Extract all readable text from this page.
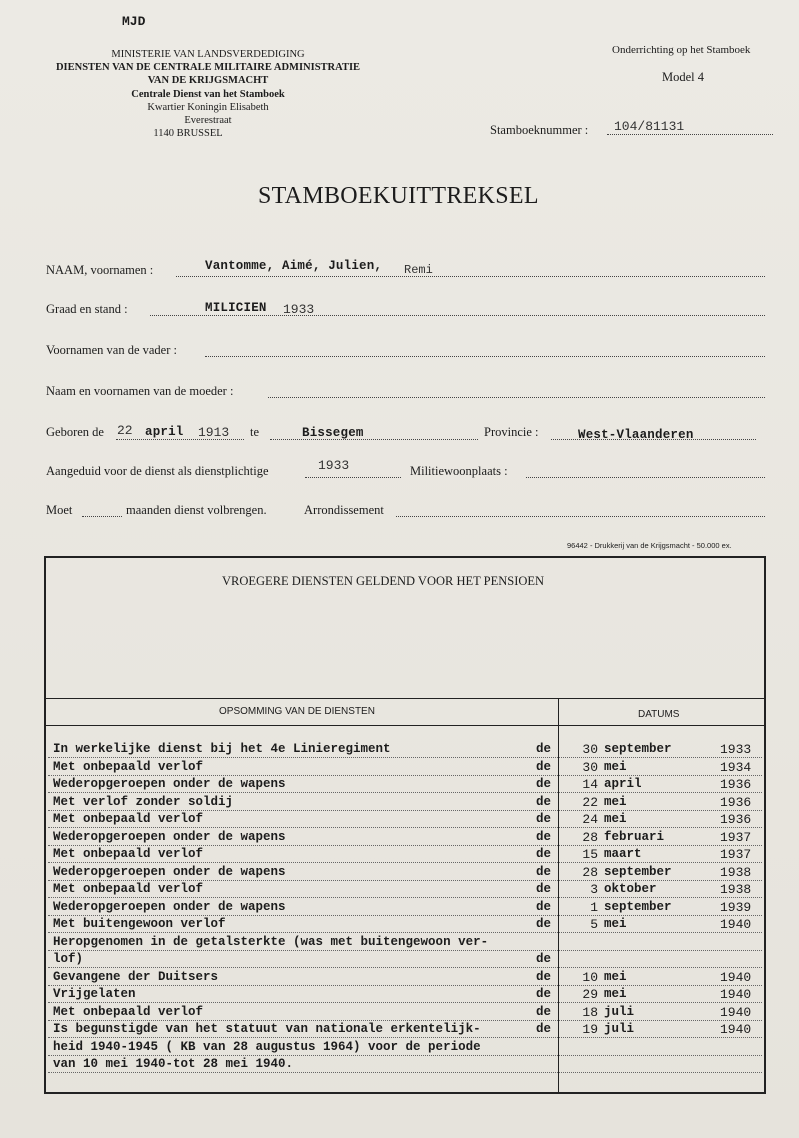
MJD
MINISTERIE VAN LANDSVERDEDIGING
DIENSTEN VAN DE CENTRALE MILITAIRE ADMINISTRATIE
VAN DE KRIJGSMACHT
Centrale Dienst van het Stamboek
Kwartier Koningin Elisabeth
Everestraat
1140 BRUSSEL
Onderrichting op het Stamboek
Model 4
Stamboeknummer : 104/81131
STAMBOEKUITTREKSEL
NAAM, voornamen :	Vantomme, Aimé, Julien, Remi
Graad en stand :	MILICIEN 1933
Voornamen van de vader :
Naam en voornamen van de moeder :
Geboren de 22 april 1913 te	Bissegem	Provincie :	West-Vlaanderen
Aangeduid voor de dienst als dienstplichtige	1933	Militiewoonplaats :
Moet	maanden dienst volbrengen.	Arrondissement
96442 - Drukkerij van de Krijgsmacht - 50.000 ex.
VROEGERE DIENSTEN GELDEND VOOR HET PENSIOEN
OPSOMMING VAN DE DIENSTEN	DATUMS
In werkelijke dienst bij het 4e Linieregiment	de	30 september	1933
Met onbepaald verlof	de	30 mei	1934
Wederopgeroepen onder de wapens	de	14 april	1936
Met verlof zonder soldij	de	22 mei	1936
Met onbepaald verlof	de	24 mei	1936
Wederopgeroepen onder de wapens	de	28 februari	1937
Met onbepaald verlof	de	15 maart	1937
Wederopgeroepen onder de wapens	de	28 september	1938
Met onbepaald verlof	de	3 oktober	1938
Wederopgeroepen onder de wapens	de	1 september	1939
Met buitengewoon verlof	de	5 mei	1940
Heropgenomen in de getalsterkte (was met buitengewoon ver-
lof)	de
Gevangene der Duitsers	de	10 mei	1940
Vrijgelaten	de	29 mei	1940
Met onbepaald verlof	de	18 juli	1940
Is begunstigde van het statuut van nationale erkentelijk-	de	19 juli	1940
heid 1940-1945 ( KB van 28 augustus 1964) voor de periode
van 10 mei 1940-tot 28 mei 1940.
